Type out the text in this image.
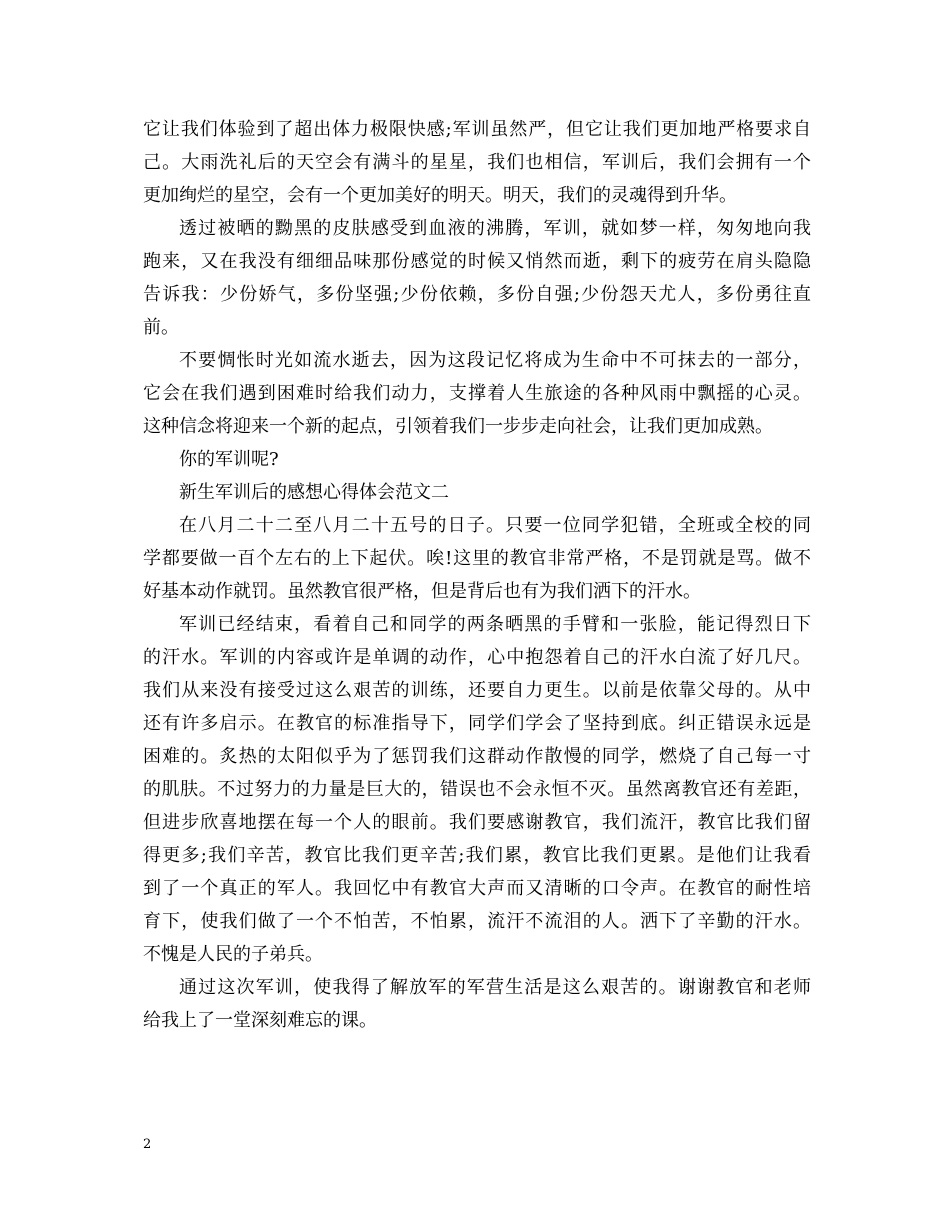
它让我们体验到了超出体力极限快感;军训虽然严，但它让我们更加地严格要求自
己。大雨洗礼后的天空会有满斗的星星，我们也相信，军训后，我们会拥有一个
更加绚烂的星空，会有一个更加美好的明天。明天，我们的灵魂得到升华。
透过被晒的黝黑的皮肤感受到血液的沸腾，军训，就如梦一样，匆匆地向我
跑来，又在我没有细细品味那份感觉的时候又悄然而逝，剩下的疲劳在肩头隐隐
告诉我：少份娇气，多份坚强;少份依赖，多份自强;少份怨天尤人，多份勇往直
前。
不要惆怅时光如流水逝去，因为这段记忆将成为生命中不可抹去的一部分，
它会在我们遇到困难时给我们动力，支撑着人生旅途的各种风雨中飘摇的心灵。
这种信念将迎来一个新的起点，引领着我们一步步走向社会，让我们更加成熟。
你的军训呢?
新生军训后的感想心得体会范文二
在八月二十二至八月二十五号的日子。只要一位同学犯错，全班或全校的同
学都要做一百个左右的上下起伏。唉!这里的教官非常严格，不是罚就是骂。做不
好基本动作就罚。虽然教官很严格，但是背后也有为我们洒下的汗水。
军训已经结束，看着自己和同学的两条晒黑的手臂和一张脸，能记得烈日下
的汗水。军训的内容或许是单调的动作，心中抱怨着自己的汗水白流了好几尺。
我们从来没有接受过这么艰苦的训练，还要自力更生。以前是依靠父母的。从中
还有许多启示。在教官的标准指导下，同学们学会了坚持到底。纠正错误永远是
困难的。炙热的太阳似乎为了惩罚我们这群动作散慢的同学，燃烧了自己每一寸
的肌肤。不过努力的力量是巨大的，错误也不会永恒不灭。虽然离教官还有差距，
但进步欣喜地摆在每一个人的眼前。我们要感谢教官，我们流汗，教官比我们留
得更多;我们辛苦，教官比我们更辛苦;我们累，教官比我们更累。是他们让我看
到了一个真正的军人。我回忆中有教官大声而又清晰的口令声。在教官的耐性培
育下，使我们做了一个不怕苦，不怕累，流汗不流泪的人。洒下了辛勤的汗水。
不愧是人民的子弟兵。
通过这次军训，使我得了解放军的军营生活是这么艰苦的。谢谢教官和老师
给我上了一堂深刻难忘的课。
2
